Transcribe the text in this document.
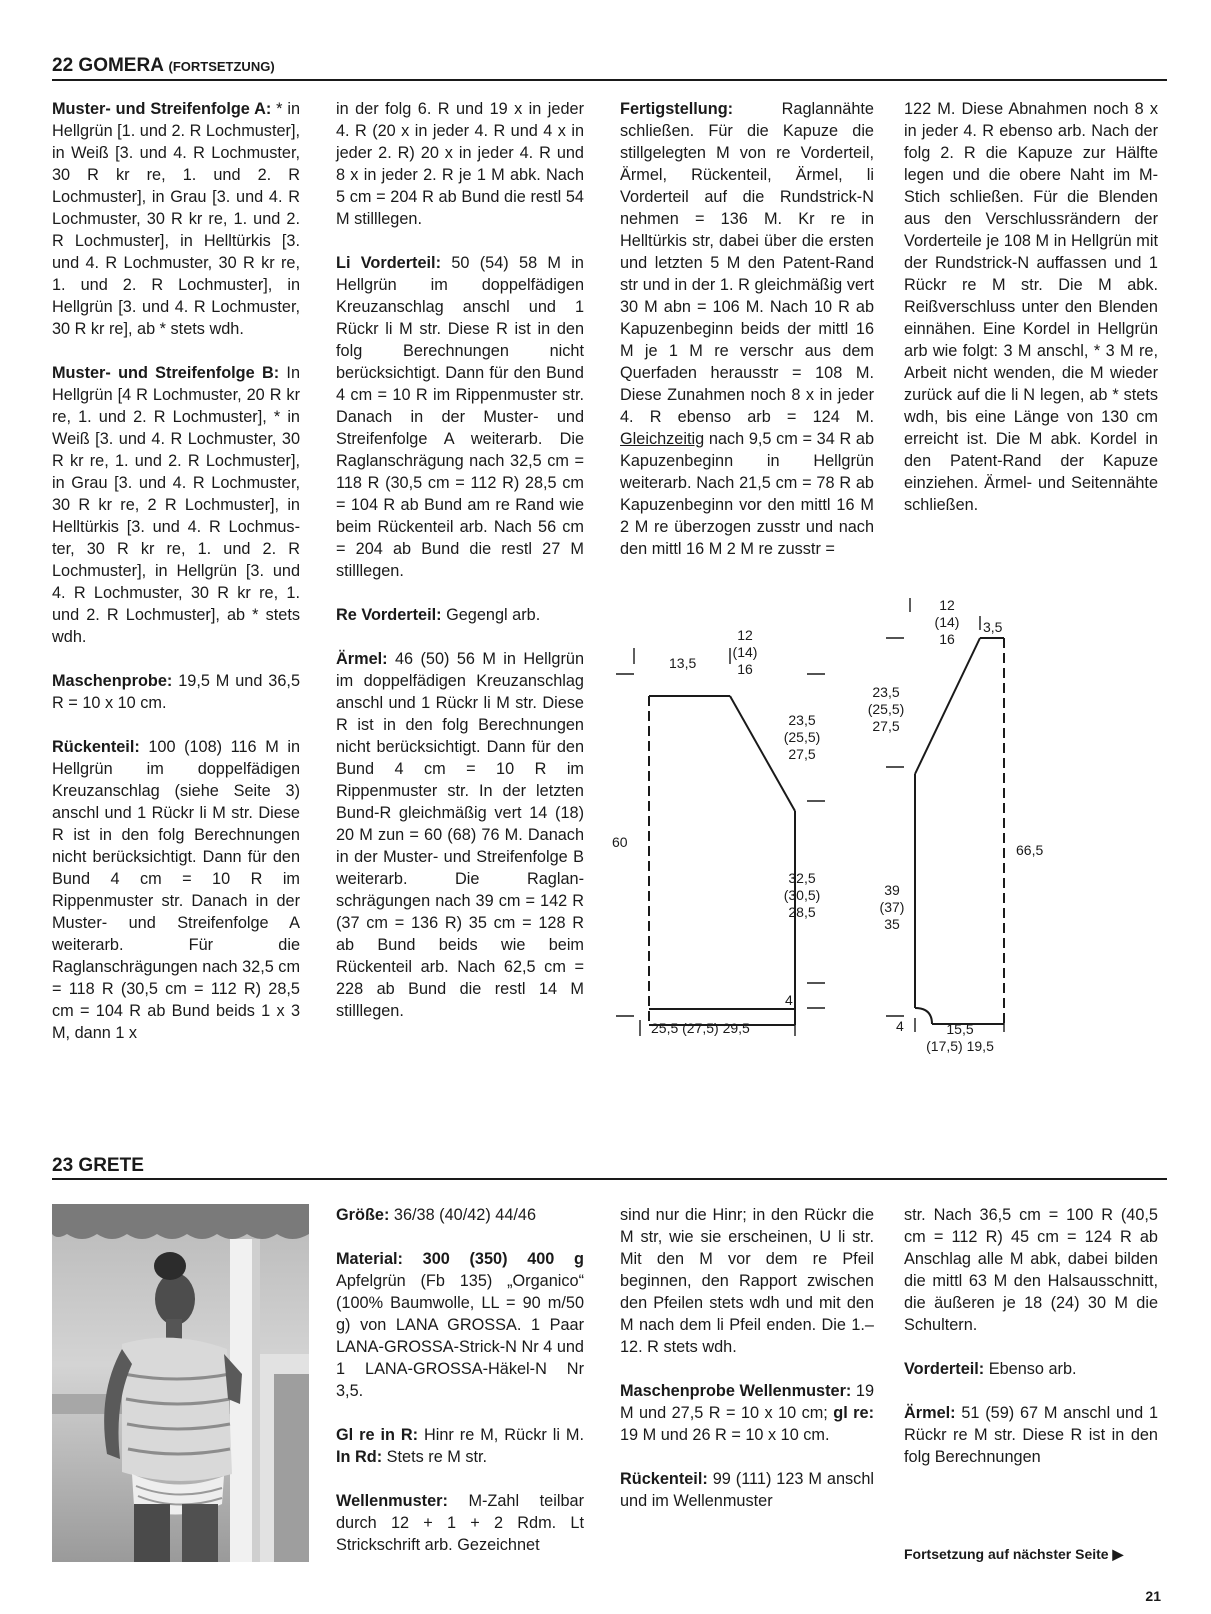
22 GOMERA (FORTSETZUNG)

Muster- und Streifenfolge A: * in Hellgrün [1. und 2. R Lochmuster], in Weiß [3. und 4. R Lochmuster, 30 R kr re, 1. und 2. R Lochmuster], in Grau [3. und 4. R Lochmuster, 30 R kr re, 1. und 2. R Lochmuster], in Helltürkis [3. und 4. R Lochmuster, 30 R kr re, 1. und 2. R Lochmuster], in Hellgrün [3. und 4. R Lochmuster, 30 R kr re], ab * stets wdh.

Muster- und Streifenfolge B: In Hellgrün [4 R Lochmuster, 20 R kr re, 1. und 2. R Lochmuster], * in Weiß [3. und 4. R Lochmuster, 30 R kr re, 1. und 2. R Lochmuster], in Grau [3. und 4. R Lochmuster, 30 R kr re, 2 R Lochmuster], in Helltürkis [3. und 4. R Lochmuster, 30 R kr re, 1. und 2. R Lochmuster], in Hellgrün [3. und 4. R Lochmuster, 30 R kr re, 1. und 2. R Lochmuster], ab * stets wdh.

Maschenprobe: 19,5 M und 36,5 R = 10 x 10 cm.

Rückenteil: 100 (108) 116 M in Hellgrün im doppelfädigen Kreuzanschlag (siehe Seite 3) anschl und 1 Rückr li M str. Diese R ist in den folg Berechnungen nicht berücksichtigt. Dann für den Bund 4 cm = 10 R im Rippenmuster str. Danach in der Muster- und Streifenfolge A weiterarb. Für die Raglanschrägungen nach 32,5 cm = 118 R (30,5 cm = 112 R) 28,5 cm = 104 R ab Bund beids 1 x 3 M, dann 1 x

in der folg 6. R und 19 x in jeder 4. R (20 x in jeder 4. R und 4 x in jeder 2. R) 20 x in jeder 4. R und 8 x in jeder 2. R je 1 M abk. Nach 5 cm = 204 R ab Bund die restl 54 M stilllegen.

Li Vorderteil: 50 (54) 58 M in Hellgrün im doppelfädigen Kreuzanschlag anschl und 1 Rückr li M str. Diese R ist in den folg Berechnungen nicht berücksichtigt. Dann für den Bund 4 cm = 10 R im Rippenmuster str. Danach in der Muster- und Streifenfolge A weiterarb. Die Raglanschrägung nach 32,5 cm = 118 R (30,5 cm = 112 R) 28,5 cm = 104 R ab Bund am re Rand wie beim Rückenteil arb. Nach 56 cm = 204 ab Bund die restl 27 M stilllegen.

Re Vorderteil: Gegengl arb.

Ärmel: 46 (50) 56 M in Hellgrün im doppelfädigen Kreuzanschlag anschl und 1 Rückr li M str. Diese R ist in den folg Berechnungen nicht berücksichtigt. Dann für den Bund 4 cm = 10 R im Rippenmuster str. In der letzten Bund-R gleichmäßig vert 14 (18) 20 M zun = 60 (68) 76 M. Danach in der Muster- und Streifenfolge B weiterarb. Die Raglanschrägungen nach 39 cm = 142 R (37 cm = 136 R) 35 cm = 128 R ab Bund beids wie beim Rückenteil arb. Nach 62,5 cm = 228 ab Bund die restl 14 M stilllegen.

Fertigstellung: Raglannähte schließen. Für die Kapuze die stillgelegten M von re Vorderteil, Ärmel, Rückenteil, Ärmel, li Vorderteil auf die Rundstrick-N nehmen = 136 M. Kr re in Helltürkis str, dabei über die ersten und letzten 5 M den Patent-Rand str und in der 1. R gleichmäßig vert 30 M abn = 106 M. Nach 10 R ab Kapuzenbeginn beids der mittl 16 M je 1 M re verschr aus dem Querfaden herausstr = 108 M. Diese Zunahmen noch 8 x in jeder 4. R ebenso arb = 124 M. Gleichzeitig nach 9,5 cm = 34 R ab Kapuzenbeginn in Hellgrün weiterarb. Nach 21,5 cm = 78 R ab Kapuzenbeginn vor den mittl 16 M 2 M re überzogen zusstr und nach den mittl 16 M 2 M re zusstr =

122 M. Diese Abnahmen noch 8 x in jeder 4. R ebenso arb. Nach der folg 2. R die Kapuze zur Hälfte legen und die obere Naht im M-Stich schließen. Für die Blenden aus den Verschlussrändern der Vorderteile je 108 M in Hellgrün mit der Rundstrick-N auffassen und 1 Rückr re M str. Die M abk. Reißverschluss unter den Blenden einnähen. Eine Kordel in Hellgrün arb wie folgt: 3 M anschl, * 3 M re, Arbeit nicht wenden, die M wieder zurück auf die li N legen, ab * stets wdh, bis eine Länge von 130 cm erreicht ist. Die M abk. Kordel in den Patent-Rand der Kapuze einziehen. Ärmel- und Seitennähte schließen.

13,5
12
(14)
16
60
23,5
(25,5)
27,5
32,5
(30,5)
28,5
4
25,5 (27,5) 29,5
12
(14)
16
3,5
23,5
(25,5)
27,5
66,5
39
(37)
35
4	15,5
(17,5) 19,5
23 GRETE

Größe: 36/38 (40/42) 44/46

Material: 300 (350) 400 g Apfelgrün (Fb 135) „Organico“ (100% Baumwolle, LL = 90 m/50 g) von LANA GROSSA. 1 Paar LANA-GROSSA-Strick-N Nr 4 und 1 LANA-GROSSA-Häkel-N Nr 3,5.

Gl re in R: Hinr re M, Rückr li M. In Rd: Stets re M str.

Wellenmuster: M-Zahl teilbar durch 12 + 1 + 2 Rdm. Lt Strickschrift arb. Gezeichnet

sind nur die Hinr; in den Rückr die M str, wie sie erscheinen, U li str. Mit den M vor dem re Pfeil beginnen, den Rapport zwischen den Pfeilen stets wdh und mit den M nach dem li Pfeil enden. Die 1.–12. R stets wdh.

Maschenprobe Wellenmuster: 19 M und 27,5 R = 10 x 10 cm; gl re: 19 M und 26 R = 10 x 10 cm.

Rückenteil: 99 (111) 123 M anschl und im Wellenmuster

str. Nach 36,5 cm = 100 R (40,5 cm = 112 R) 45 cm = 124 R ab Anschlag alle M abk, dabei bilden die mittl 63 M den Halsausschnitt, die äußeren je 18 (24) 30 M die Schultern.

Vorderteil: Ebenso arb.

Ärmel: 51 (59) 67 M anschl und 1 Rückr re M str. Diese R ist in den folg Berechnungen

Fortsetzung auf nächster Seite ▶
21
